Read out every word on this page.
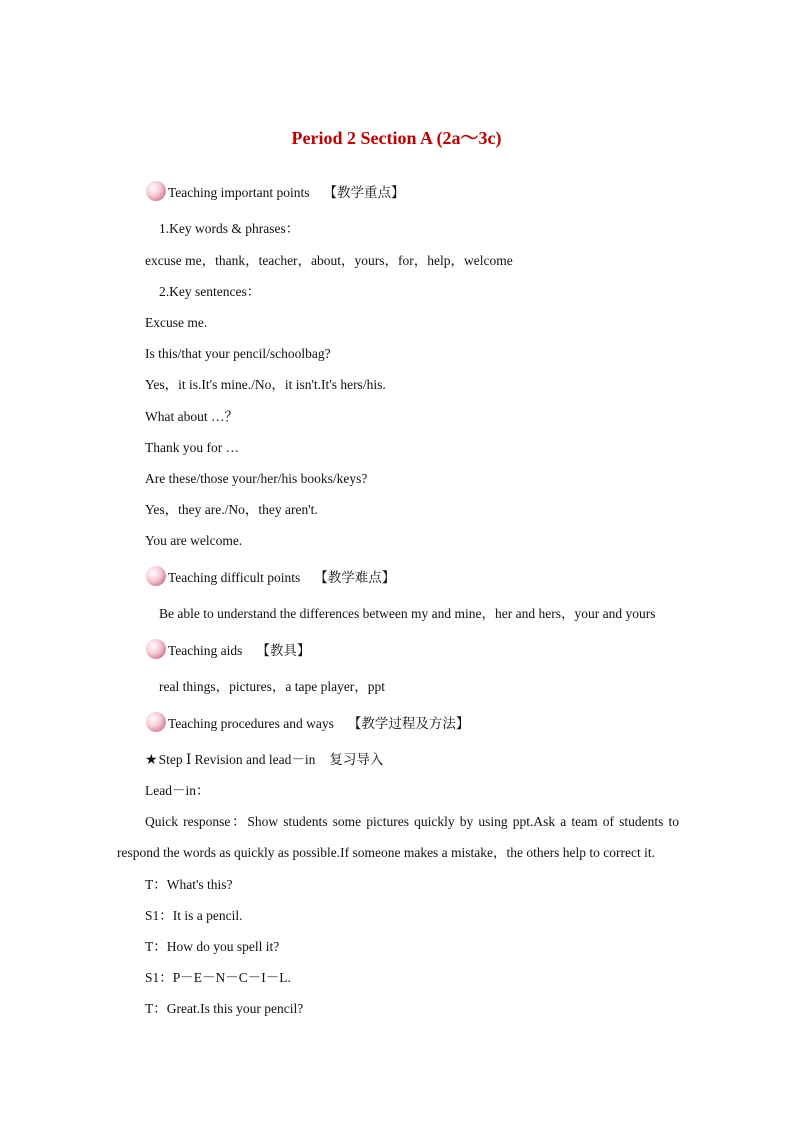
Period 2 Section A (2a～3c)
Teaching important points 【教学重点】
1.Key words & phrases：
excuse me，thank，teacher，about，yours，for，help，welcome
2.Key sentences：
Excuse me.
Is this/that your pencil/schoolbag?
Yes，it is.It's mine./No，it isn't.It's hers/his.
What about …？
Thank you for …
Are these/those your/her/his books/keys?
Yes，they are./No，they aren't.
You are welcome.
Teaching difficult points 【教学难点】
Be able to understand the differences between my and mine，her and hers，your and yours
Teaching aids 【教具】
real things，pictures，a tape player，ppt
Teaching procedures and ways 【教学过程及方法】
★Step Ⅰ Revision and lead－in 复习导入
Lead－in：
Quick response：Show students some pictures quickly by using ppt.Ask a team of students to respond the words as quickly as possible.If someone makes a mistake，the others help to correct it.
T：What's this?
S1：It is a pencil.
T：How do you spell it?
S1：P－E－N－C－I－L.
T：Great.Is this your pencil?
